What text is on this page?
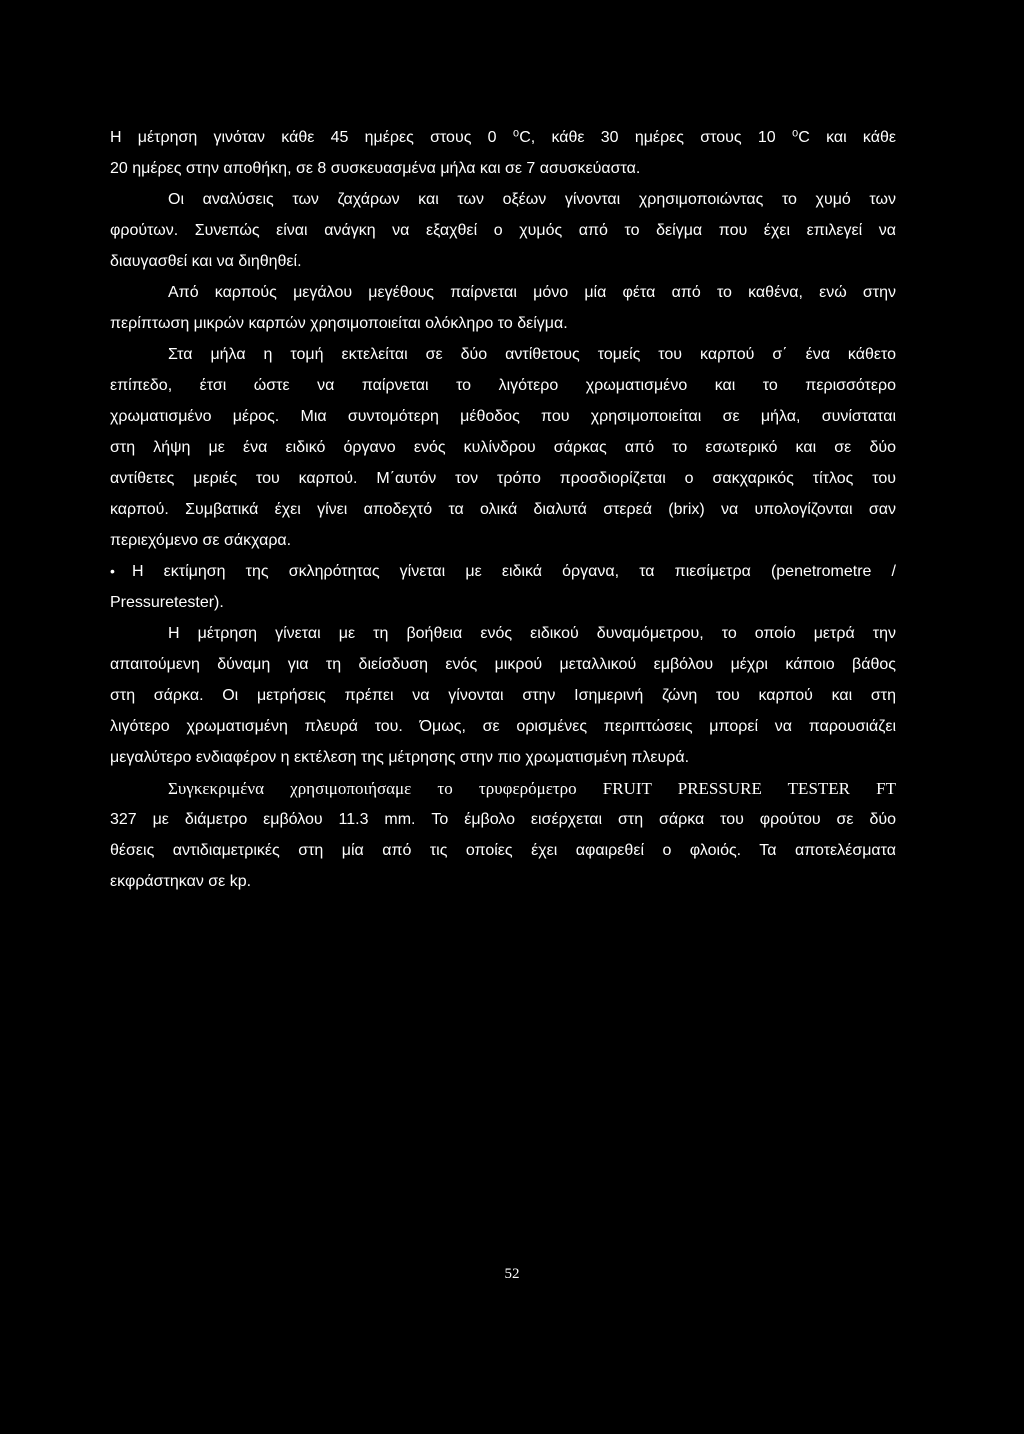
Η μέτρηση γινόταν κάθε 45 ημέρες στους 0 ⁰C, κάθε 30 ημέρες στους 10 ⁰C και κάθε
20 ημέρες στην αποθήκη, σε 8 συσκευασμένα μήλα και σε 7 ασυσκεύαστα.
Οι αναλύσεις των ζαχάρων και των οξέων γίνονται χρησιμοποιώντας το χυμό των
φρούτων. Συνεπώς είναι ανάγκη να εξαχθεί ο χυμός από το δείγμα που έχει επιλεγεί να
διαυγασθεί και να διηθηθεί.
Από καρπούς μεγάλου μεγέθους παίρνεται μόνο μία φέτα από το καθένα, ενώ στην
περίπτωση μικρών καρπών χρησιμοποιείται ολόκληρο το δείγμα.
Στα μήλα η τομή εκτελείται σε δύο αντίθετους τομείς του καρπού σ΄ ένα κάθετο
επίπεδο, έτσι ώστε να παίρνεται το λιγότερο χρωματισμένο και το περισσότερο
χρωματισμένο μέρος. Μια συντομότερη μέθοδος που χρησιμοποιείται σε μήλα, συνίσταται
στη λήψη με ένα ειδικό όργανο ενός κυλίνδρου σάρκας από το εσωτερικό και σε δύο
αντίθετες μεριές του καρπού. Μ΄αυτόν τον τρόπο προσδιορίζεται ο σακχαρικός τίτλος του
καρπού. Συμβατικά έχει γίνει αποδεχτό τα ολικά διαλυτά στερεά (brix) να υπολογίζονται σαν
περιεχόμενο σε σάκχαρα.
•	Η εκτίμηση της σκληρότητας γίνεται με ειδικά όργανα, τα πιεσίμετρα (penetrometre /
Pressuretester).
Η μέτρηση γίνεται με τη βοήθεια ενός ειδικού δυναμόμετρου, το οποίο μετρά την
απαιτούμενη δύναμη για τη διείσδυση ενός μικρού μεταλλικού εμβόλου μέχρι κάποιο βάθος
στη σάρκα. Οι μετρήσεις πρέπει να γίνονται στην Ισημερινή ζώνη του καρπού και στη
λιγότερο χρωματισμένη πλευρά του. Όμως, σε ορισμένες περιπτώσεις μπορεί να παρουσιάζει
μεγαλύτερο ενδιαφέρον η εκτέλεση της μέτρησης στην πιο χρωματισμένη πλευρά.
Συγκεκριμένα χρησιμοποιήσαμε το τρυφερόμετρο FRUIT PRESSURE TESTER FT
327 με διάμετρο εμβόλου 11.3 mm. Το έμβολο εισέρχεται στη σάρκα του φρούτου σε δύο
θέσεις αντιδιαμετρικές στη μία από τις οποίες έχει αφαιρεθεί ο φλοιός. Τα αποτελέσματα
εκφράστηκαν σε kp.
52
